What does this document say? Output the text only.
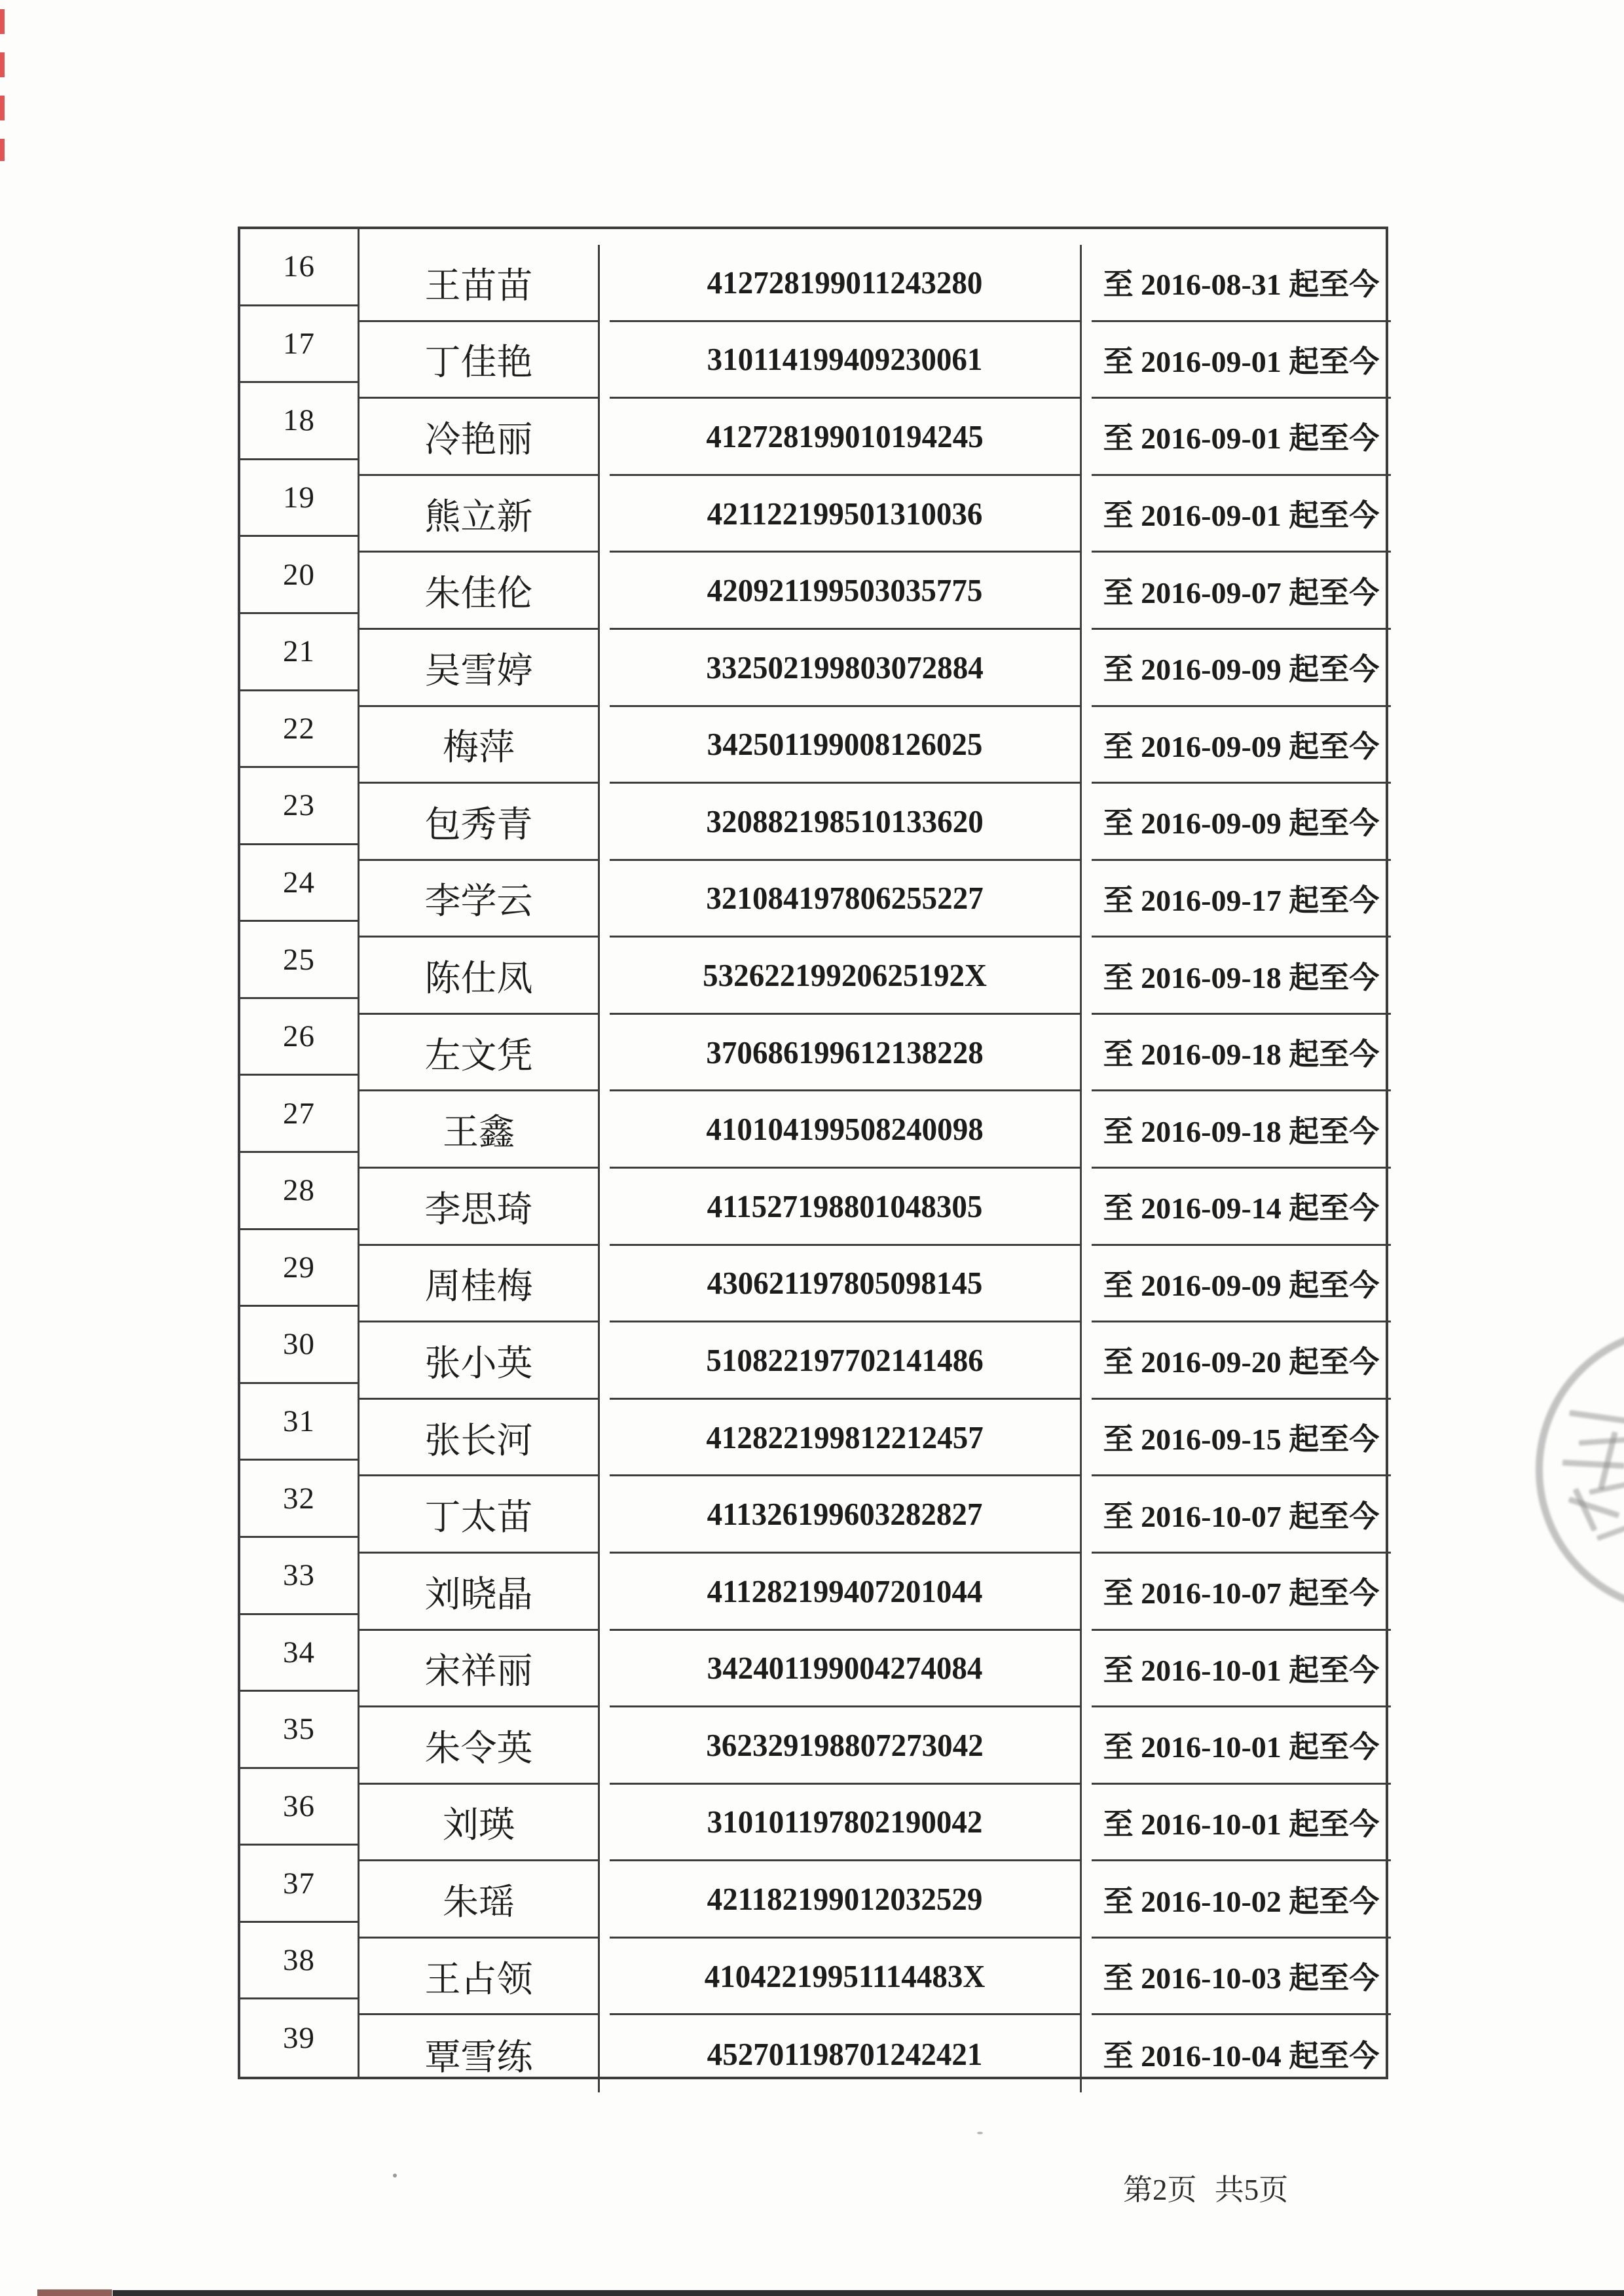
16	王苗苗	412728199011243280	至 2016-08-31 起至今
17	丁佳艳	310114199409230061	至 2016-09-01 起至今
18	冷艳丽	412728199010194245	至 2016-09-01 起至今
19	熊立新	421122199501310036	至 2016-09-01 起至今
20	朱佳伦	420921199503035775	至 2016-09-07 起至今
21	吴雪婷	332502199803072884	至 2016-09-09 起至今
22	梅萍	342501199008126025	至 2016-09-09 起至今
23	包秀青	320882198510133620	至 2016-09-09 起至今
24	李学云	321084197806255227	至 2016-09-17 起至今
25	陈仕凤	53262219920625192X	至 2016-09-18 起至今
26	左文凭	370686199612138228	至 2016-09-18 起至今
27	王鑫	410104199508240098	至 2016-09-18 起至今
28	李思琦	411527198801048305	至 2016-09-14 起至今
29	周桂梅	430621197805098145	至 2016-09-09 起至今
30	张小英	510822197702141486	至 2016-09-20 起至今
31	张长河	412822199812212457	至 2016-09-15 起至今
32	丁太苗	411326199603282827	至 2016-10-07 起至今
33	刘晓晶	411282199407201044	至 2016-10-07 起至今
34	宋祥丽	342401199004274084	至 2016-10-01 起至今
35	朱令英	362329198807273042	至 2016-10-01 起至今
36	刘瑛	310101197802190042	至 2016-10-01 起至今
37	朱瑶	421182199012032529	至 2016-10-02 起至今
38	王占领	41042219951114483X	至 2016-10-03 起至今
39	覃雪练	452701198701242421	至 2016-10-04 起至今
第2页 共5页
